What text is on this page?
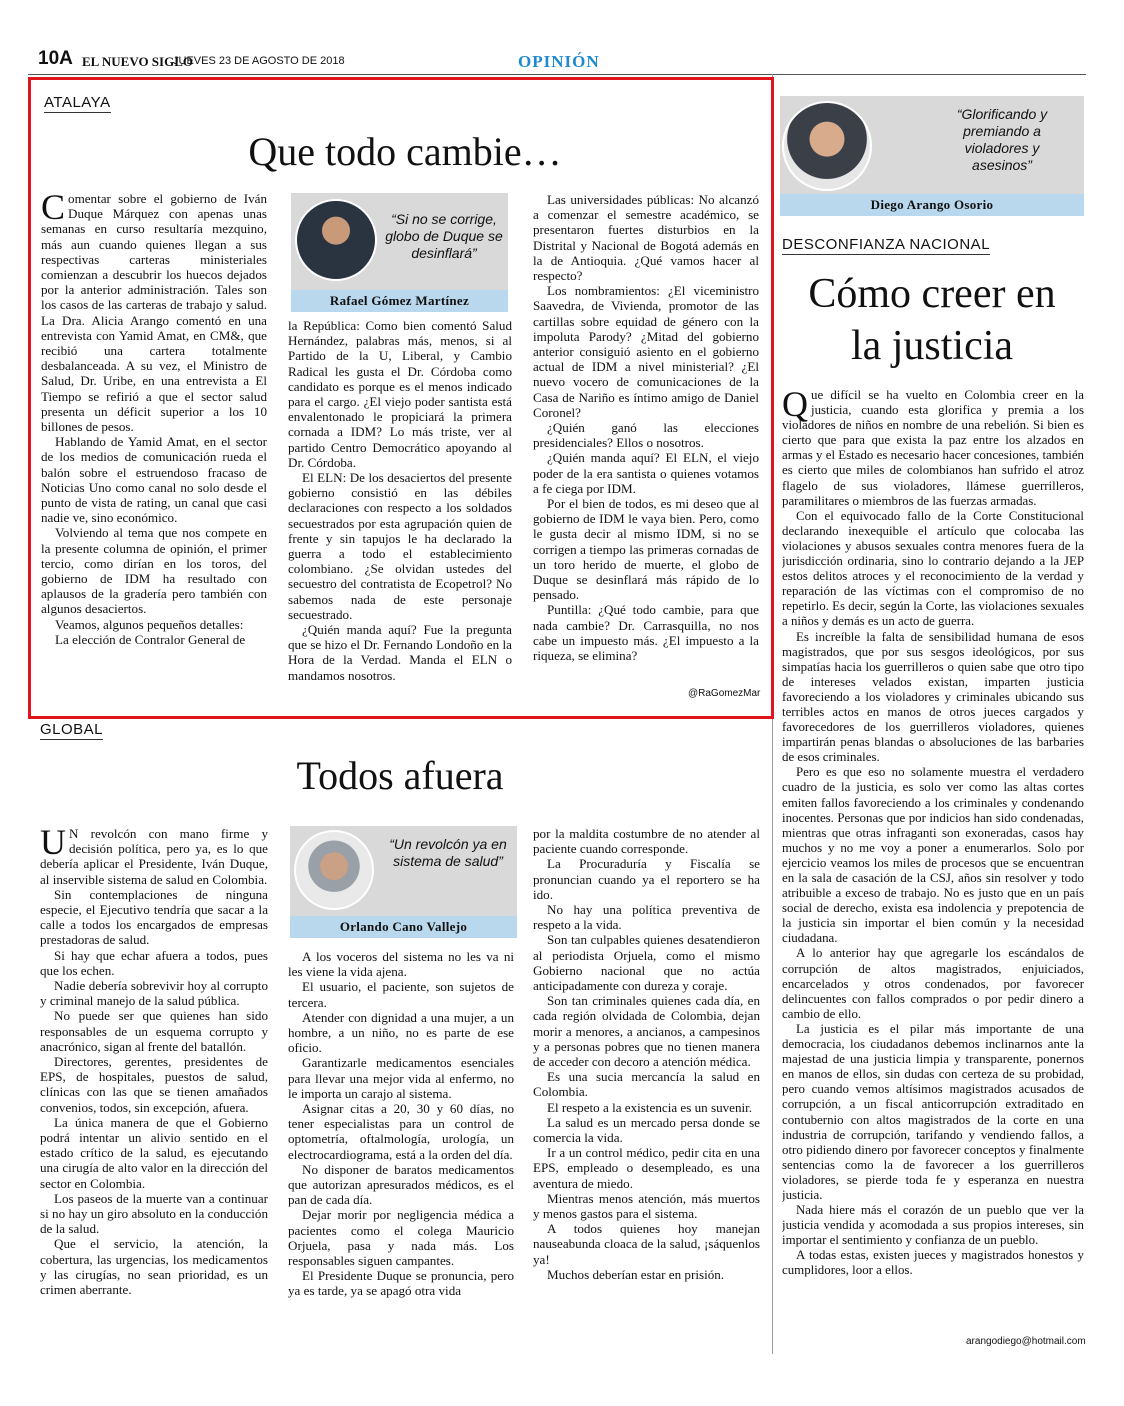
10A EL NUEVO SIGLO
JUEVES 23 DE AGOSTO DE 2018	OPINIÓN
ATALAYA
Que todo cambie…

Comentar sobre el gobierno de Iván Duque Márquez con apenas unas semanas en curso resultaría mezquino, más aun cuando quienes llegan a sus respectivas carteras ministeriales comienzan a descubrir los huecos dejados por la anterior administración. Tales son los casos de las carteras de trabajo y salud. La Dra. Alicia Arango comentó en una entrevista con Yamid Amat, en CM&, que recibió una cartera totalmente desbalanceada. A su vez, el Ministro de Salud, Dr. Uribe, en una entrevista a El Tiempo se refirió a que el sector salud presenta un déficit superior a los 10 billones de pesos.

Hablando de Yamid Amat, en el sector de los medios de comunicación rueda el balón sobre el estruendoso fracaso de Noticias Uno como canal no solo desde el punto de vista de rating, un canal que casi nadie ve, sino económico.

Volviendo al tema que nos compete en la presente columna de opinión, el primer tercio, como dirían en los toros, del gobierno de IDM ha resultado con aplausos de la gradería pero también con algunos desaciertos.

Veamos, algunos pequeños detalles:

La elección de Contralor General de

“Si no se corrige, globo de Duque se desinflará”
Rafael Gómez Martínez

la República: Como bien comentó Salud Hernández, palabras más, menos, si al Partido de la U, Liberal, y Cambio Radical les gusta el Dr. Córdoba como candidato es porque es el menos indicado para el cargo. ¿El viejo poder santista está envalentonado le propiciará la primera cornada a IDM? Lo más triste, ver al partido Centro Democrático apoyando al Dr. Córdoba.

El ELN: De los desaciertos del presente gobierno consistió en las débiles declaraciones con respecto a los soldados secuestrados por esta agrupación quien de frente y sin tapujos le ha declarado la guerra a todo el establecimiento colombiano. ¿Se olvidan ustedes del secuestro del contratista de Ecopetrol? No sabemos nada de este personaje secuestrado.

¿Quién manda aquí? Fue la pregunta que se hizo el Dr. Fernando Londoño en la Hora de la Verdad. Manda el ELN o mandamos nosotros.

Las universidades públicas: No alcanzó a comenzar el semestre académico, se presentaron fuertes disturbios en la Distrital y Nacional de Bogotá además en la de Antioquia. ¿Qué vamos hacer al respecto?

Los nombramientos: ¿El viceministro Saavedra, de Vivienda, promotor de las cartillas sobre equidad de género con la impoluta Parody? ¿Mitad del gobierno anterior consiguió asiento en el gobierno actual de IDM a nivel ministerial? ¿El nuevo vocero de comunicaciones de la Casa de Nariño es íntimo amigo de Daniel Coronel?

¿Quién ganó las elecciones presidenciales? Ellos o nosotros.

¿Quién manda aquí? El ELN, el viejo poder de la era santista o quienes votamos a fe ciega por IDM.

Por el bien de todos, es mi deseo que al gobierno de IDM le vaya bien. Pero, como le gusta decir al mismo IDM, si no se corrigen a tiempo las primeras cornadas de un toro herido de muerte, el globo de Duque se desinflará más rápido de lo pensado.

Puntilla: ¿Qué todo cambie, para que nada cambie? Dr. Carrasquilla, no nos cabe un impuesto más. ¿El impuesto a la riqueza, se elimina?

@RaGomezMar
GLOBAL
Todos afuera

U N revolcón con mano firme y decisión política, pero ya, es lo que debería aplicar el Presidente, Iván Duque, al inservible sistema de salud en Colombia.

Sin contemplaciones de ninguna especie, el Ejecutivo tendría que sacar a la calle a todos los encargados de empresas prestadoras de salud.

Si hay que echar afuera a todos, pues que los echen.

Nadie debería sobrevivir hoy al corrupto y criminal manejo de la salud pública.

No puede ser que quienes han sido responsables de un esquema corrupto y anacrónico, sigan al frente del batallón.

Directores, gerentes, presidentes de EPS, de hospitales, puestos de salud, clínicas con las que se tienen amañados convenios, todos, sin excepción, afuera.

La única manera de que el Gobierno podrá intentar un alivio sentido en el estado crítico de la salud, es ejecutando una cirugía de alto valor en la dirección del sector en Colombia.

Los paseos de la muerte van a continuar si no hay un giro absoluto en la conducción de la salud.

Que el servicio, la atención, la cobertura, las urgencias, los medicamentos y las cirugías, no sean prioridad, es un crimen aberrante.

“Un revolcón ya en sistema de salud”
Orlando Cano Vallejo

A los voceros del sistema no les va ni les viene la vida ajena.

El usuario, el paciente, son sujetos de tercera.

Atender con dignidad a una mujer, a un hombre, a un niño, no es parte de ese oficio.

Garantizarle medicamentos esenciales para llevar una mejor vida al enfermo, no le importa un carajo al sistema.

Asignar citas a 20, 30 y 60 días, no tener especialistas para un control de optometría, oftalmología, urología, un electrocardiograma, está a la orden del día.

No disponer de baratos medicamentos que autorizan apresurados médicos, es el pan de cada día.

Dejar morir por negligencia médica a pacientes como el colega Mauricio Orjuela, pasa y nada más. Los responsables siguen campantes.

El Presidente Duque se pronuncia, pero ya es tarde, ya se apagó otra vida

por la maldita costumbre de no atender al paciente cuando corresponde.

La Procuraduría y Fiscalía se pronuncian cuando ya el reportero se ha ido.

No hay una política preventiva de respeto a la vida.

Son tan culpables quienes desatendieron al periodista Orjuela, como el mismo Gobierno nacional que no actúa anticipadamente con dureza y coraje.

Son tan criminales quienes cada día, en cada región olvidada de Colombia, dejan morir a menores, a ancianos, a campesinos y a personas pobres que no tienen manera de acceder con decoro a atención médica.

Es una sucia mercancía la salud en Colombia.

El respeto a la existencia es un suvenir.

La salud es un mercado persa donde se comercia la vida.

Ir a un control médico, pedir cita en una EPS, empleado o desempleado, es una aventura de miedo.

Mientras menos atención, más muertos y menos gastos para el sistema.

A todos quienes hoy manejan nauseabunda cloaca de la salud, ¡sáquenlos ya!

Muchos deberían estar en prisión.

“Glorificando y premiando a violadores y asesinos”
Diego Arango Osorio
DESCONFIANZA NACIONAL
Cómo creer en
la justicia

Que difícil se ha vuelto en Colombia creer en la justicia, cuando esta glorifica y premia a los violadores de niños en nombre de una rebelión. Si bien es cierto que para que exista la paz entre los alzados en armas y el Estado es necesario hacer concesiones, también es cierto que miles de colombianos han sufrido el atroz flagelo de sus violadores, llámese guerrilleros, paramilitares o miembros de las fuerzas armadas.

Con el equivocado fallo de la Corte Constitucional declarando inexequible el artículo que colocaba las violaciones y abusos sexuales contra menores fuera de la jurisdicción ordinaria, sino lo contrario dejando a la JEP estos delitos atroces y el reconocimiento de la verdad y reparación de las víctimas con el compromiso de no repetirlo. Es decir, según la Corte, las violaciones sexuales a niños y demás es un acto de guerra.

Es increíble la falta de sensibilidad humana de esos magistrados, que por sus sesgos ideológicos, por sus simpatías hacia los guerrilleros o quien sabe que otro tipo de intereses velados existan, imparten justicia favoreciendo a los violadores y criminales ubicando sus terribles actos en manos de otros jueces cargados y favorecedores de los guerrilleros violadores, quienes impartirán penas blandas o absoluciones de las barbaries de esos criminales.

Pero es que eso no solamente muestra el verdadero cuadro de la justicia, es solo ver como las altas cortes emiten fallos favoreciendo a los criminales y condenando inocentes. Personas que por indicios han sido condenadas, mientras que otras infraganti son exoneradas, casos hay muchos y no me voy a poner a enumerarlos. Solo por ejercicio veamos los miles de procesos que se encuentran en la sala de casación de la CSJ, años sin resolver y todo atribuible a exceso de trabajo. No es justo que en un país social de derecho, exista esa indolencia y prepotencia de la justicia sin importar el bien común y la necesidad ciudadana.

A lo anterior hay que agregarle los escándalos de corrupción de altos magistrados, enjuiciados, encarcelados y otros condenados, por favorecer delincuentes con fallos comprados o por pedir dinero a cambio de ello.

La justicia es el pilar más importante de una democracia, los ciudadanos debemos inclinarnos ante la majestad de una justicia limpia y transparente, ponernos en manos de ellos, sin dudas con certeza de su probidad, pero cuando vemos altísimos magistrados acusados de corrupción, a un fiscal anticorrupción extraditado en contubernio con altos magistrados de la corte en una industria de corrupción, tarifando y vendiendo fallos, a otro pidiendo dinero por favorecer conceptos y finalmente sentencias como la de favorecer a los guerrilleros violadores, se pierde toda fe y esperanza en nuestra justicia.

Nada hiere más el corazón de un pueblo que ver la justicia vendida y acomodada a sus propios intereses, sin importar el sentimiento y confianza de un pueblo.

A todas estas, existen jueces y magistrados honestos y cumplidores, loor a ellos.

arangodiego@hotmail.com
